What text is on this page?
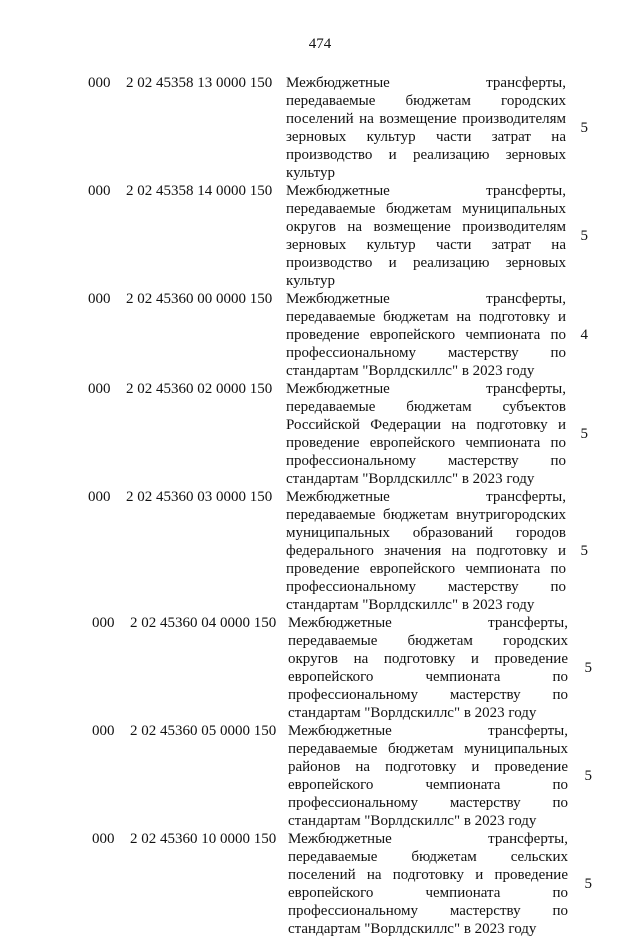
474
000 2 02 45358 13 0000 150 Межбюджетные трансферты, передаваемые бюджетам городских поселений на возмещение производителям зерновых культур части затрат на производство и реализацию зерновых культур
5
000 2 02 45358 14 0000 150 Межбюджетные трансферты, передаваемые бюджетам муниципальных округов на возмещение производителям зерновых культур части затрат на производство и реализацию зерновых культур
5
000 2 02 45360 00 0000 150 Межбюджетные трансферты, передаваемые бюджетам на подготовку и проведение европейского чемпионата по профессиональному мастерству по стандартам "Ворлдскиллс" в 2023 году
4
000 2 02 45360 02 0000 150 Межбюджетные трансферты, передаваемые бюджетам субъектов Российской Федерации на подготовку и проведение европейского чемпионата по профессиональному мастерству по стандартам "Ворлдскиллс" в 2023 году
5
000 2 02 45360 03 0000 150 Межбюджетные трансферты, передаваемые бюджетам внутригородских муниципальных образований городов федерального значения на подготовку и проведение европейского чемпионата по профессиональному мастерству по стандартам "Ворлдскиллс" в 2023 году
5
000 2 02 45360 04 0000 150 Межбюджетные трансферты, передаваемые бюджетам городских округов на подготовку и проведение европейского чемпионата по профессиональному мастерству по стандартам "Ворлдскиллс" в 2023 году
5
000 2 02 45360 05 0000 150 Межбюджетные трансферты, передаваемые бюджетам муниципальных районов на подготовку и проведение европейского чемпионата по профессиональному мастерству по стандартам "Ворлдскиллс" в 2023 году
5
000 2 02 45360 10 0000 150 Межбюджетные трансферты, передаваемые бюджетам сельских поселений на подготовку и проведение европейского чемпионата по профессиональному мастерству по стандартам "Ворлдскиллс" в 2023 году
5
